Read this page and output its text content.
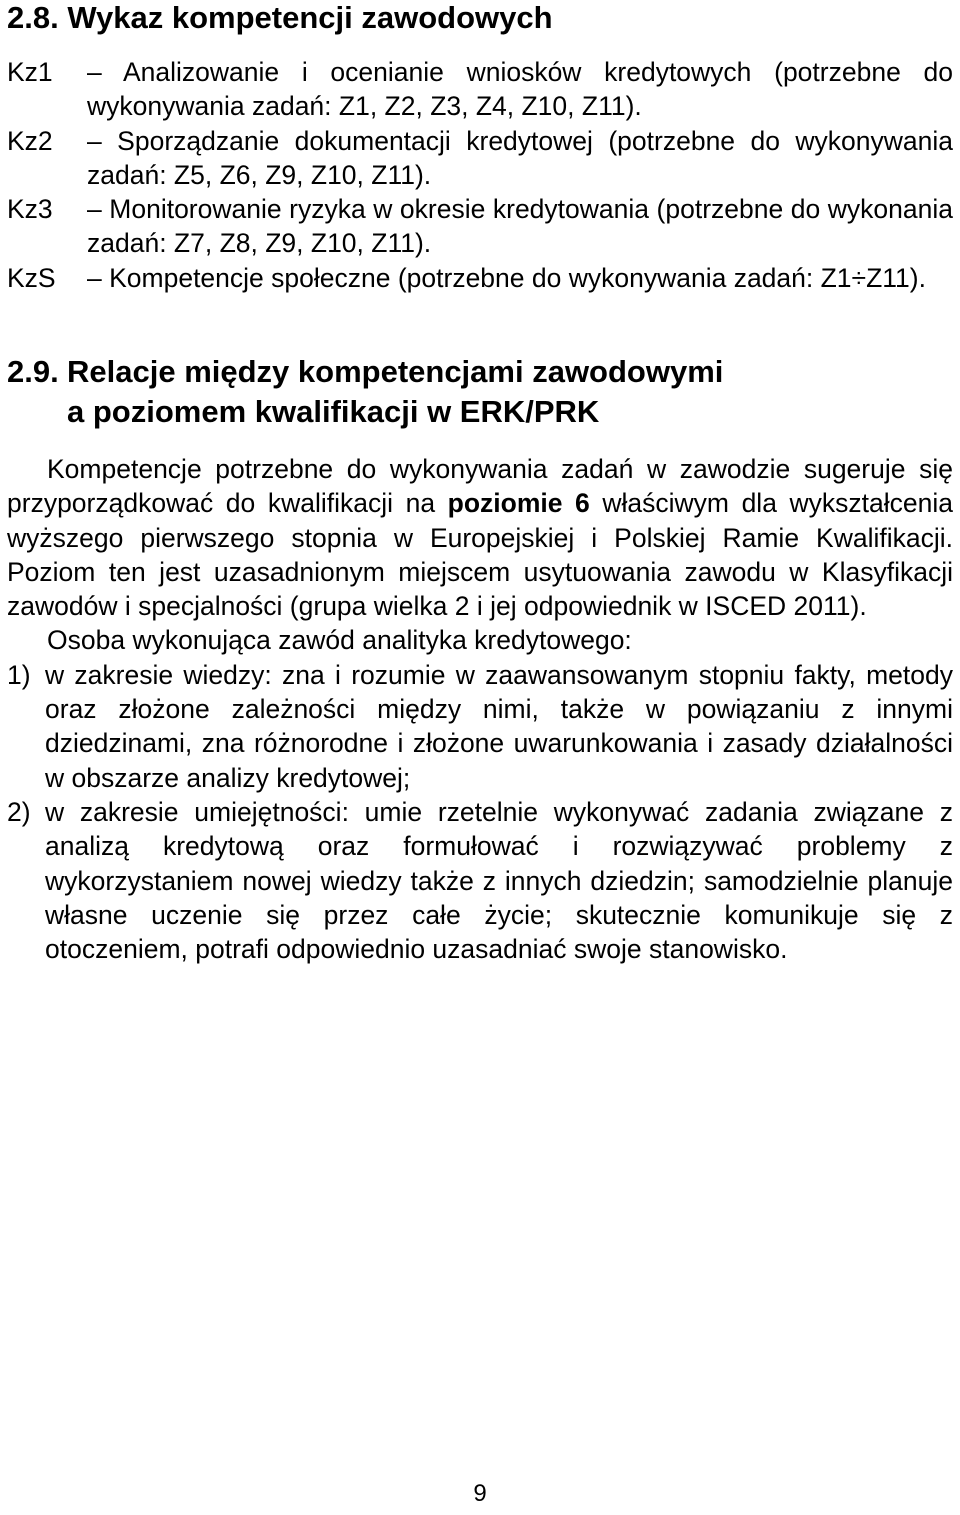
2.8. Wykaz kompetencji zawodowych
Kz1	– Analizowanie i ocenianie wniosków kredytowych (potrzebne do wykonywania zadań: Z1, Z2, Z3, Z4, Z10, Z11).
Kz2	– Sporządzanie dokumentacji kredytowej (potrzebne do wykonywania zadań: Z5, Z6, Z9, Z10, Z11).
Kz3	– Monitorowanie ryzyka w okresie kredytowania (potrzebne do wykonania zadań: Z7, Z8, Z9, Z10, Z11).
KzS	– Kompetencje społeczne (potrzebne do wykonywania zadań: Z1÷Z11).
2.9. Relacje między kompetencjami zawodowymi
a poziomem kwalifikacji w ERK/PRK

Kompetencje potrzebne do wykonywania zadań w zawodzie sugeruje się przyporządkować do kwalifikacji na poziomie 6 właściwym dla wykształcenia wyższego pierwszego stopnia w Europejskiej i Polskiej Ramie Kwalifikacji. Poziom ten jest uzasadnionym miejscem usytuowania zawodu w Klasyfikacji zawodów i specjalności (grupa wielka 2 i jej odpowiednik w ISCED 2011).

Osoba wykonująca zawód analityka kredytowego:

1) w zakresie wiedzy: zna i rozumie w zaawansowanym stopniu fakty, metody oraz złożone zależności między nimi, także w powiązaniu z innymi dziedzinami, zna różnorodne i złożone uwarunkowania i zasady działalności w obszarze analizy kredytowej;
2) w zakresie umiejętności: umie rzetelnie wykonywać zadania związane z analizą kredytową oraz formułować i rozwiązywać problemy z wykorzystaniem nowej wiedzy także z innych dziedzin; samodzielnie planuje własne uczenie się przez całe życie; skutecznie komunikuje się z otoczeniem, potrafi odpowiednio uzasadniać swoje stanowisko.
9
